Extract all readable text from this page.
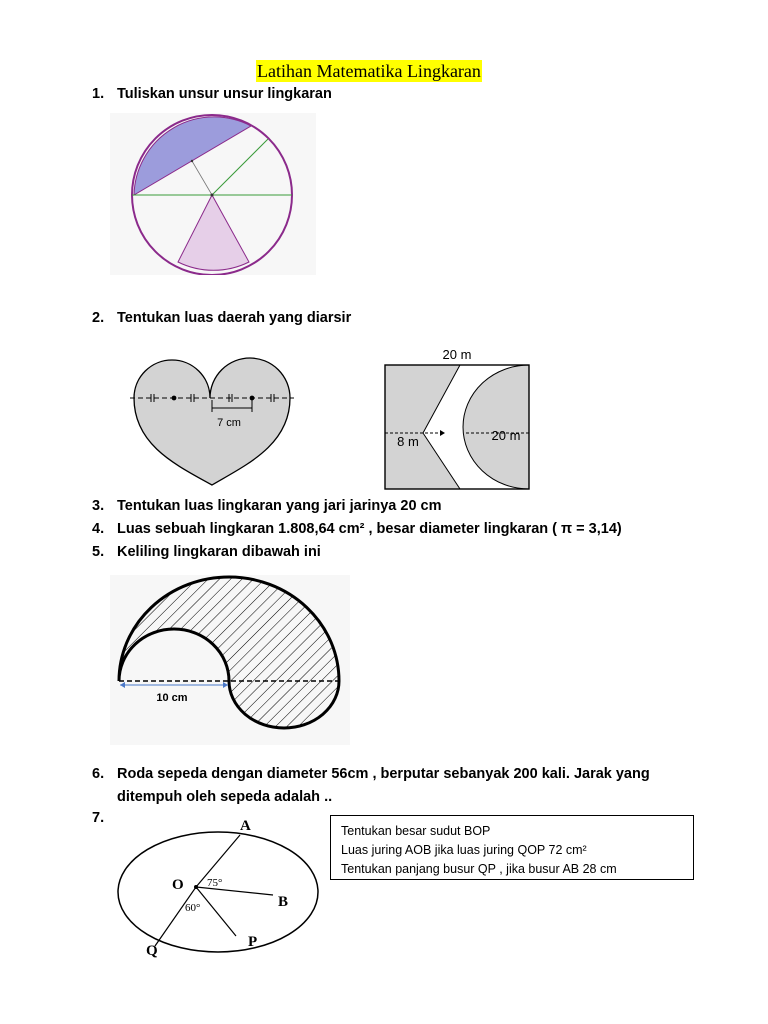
Latihan Matematika Lingkaran
1. Tuliskan unsur unsur lingkaran
2. Tentukan luas daerah yang diarsir
7 cm
20 m
8 m	20 m
3. Tentukan luas lingkaran yang jari jarinya 20 cm
4. Luas sebuah lingkaran 1.808,64 cm² , besar diameter lingkaran ( π = 3,14)
5. Keliling lingkaran dibawah ini
10 cm
6. Roda sepeda dengan diameter 56cm , berputar sebanyak 200 kali. Jarak yang
ditempuh oleh sepeda adalah ..
7.	A
B
O
P
Q
75°
60°
Tentukan besar sudut BOP
Luas juring AOB jika luas juring QOP 72 cm²
Tentukan panjang busur QP , jika busur AB 28 cm
